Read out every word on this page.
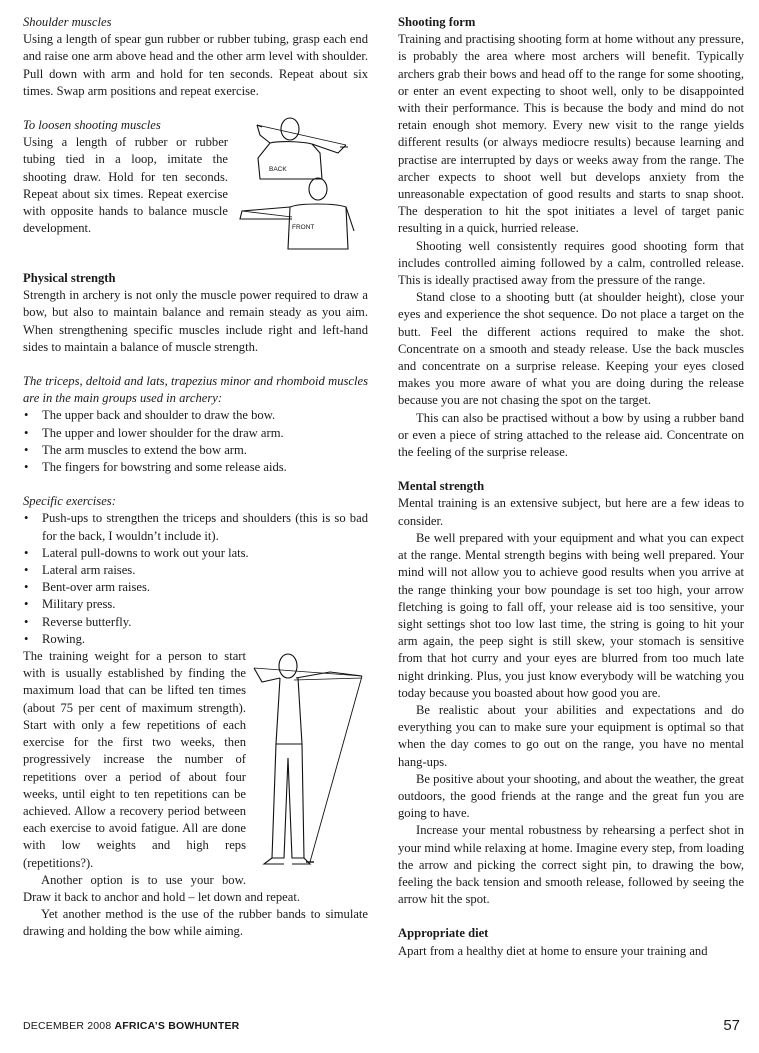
Shoulder muscles

Using a length of spear gun rubber or rubber tubing, grasp each end and raise one arm above head and the other arm level with shoulder. Pull down with arm and hold for ten seconds. Repeat about six times. Swap arm positions and repeat exercise.

BACK
FRONT

To loosen shooting muscles

Using a length of rubber or rubber tubing tied in a loop, imitate the shooting draw. Hold for ten seconds. Repeat about six times. Repeat exercise with opposite hands to balance muscle development.

Physical strength

Strength in archery is not only the muscle power required to draw a bow, but also to maintain balance and remain steady as you aim. When strengthening specific muscles include right and left-hand sides to maintain a balance of muscle strength.

The triceps, deltoid and lats, trapezius minor and rhomboid muscles are in the main groups used in archery:

• The upper back and shoulder to draw the bow.
• The upper and lower shoulder for the draw arm.
• The arm muscles to extend the bow arm.
• The fingers for bowstring and some release aids.

Specific exercises:

• Push-ups to strengthen the triceps and shoulders (this is so bad for the back, I wouldn’t include it).
• Lateral pull-downs to work out your lats.
• Lateral arm raises.
• Bent-over arm raises.
• Military press.
• Reverse butterfly.
• Rowing.

The training weight for a person to start with is usually established by finding the maximum load that can be lifted ten times (about 75 per cent of maximum strength). Start with only a few repetitions of each exercise for the first two weeks, then progressively increase the number of repetitions over a period of about four weeks, until eight to ten repetitions can be achieved. Allow a recovery period between each exercise to avoid fatigue. All are done with low weights and high reps (repetitions?).

Another option is to use your bow. Draw it back to anchor and hold – let down and repeat.

Yet another method is the use of the rubber bands to simulate drawing and holding the bow while aiming.

Shooting form

Training and practising shooting form at home without any pressure, is probably the area where most archers will benefit. Typically archers grab their bows and head off to the range for some shooting, or enter an event expecting to shoot well, only to be disappointed with their performance. This is because the body and mind do not retain enough shot memory. Every new visit to the range yields different results (or always mediocre results) because learning and practise are interrupted by days or weeks away from the range. The archer expects to shoot well but develops anxiety from the unreasonable expectation of good results and starts to snap shoot. The desperation to hit the spot initiates a level of target panic resulting in a quick, hurried release.

Shooting well consistently requires good shooting form that includes controlled aiming followed by a calm, controlled release. This is ideally practised away from the pressure of the range.

Stand close to a shooting butt (at shoulder height), close your eyes and experience the shot sequence. Do not place a target on the butt. Feel the different actions required to make the shot. Concentrate on a smooth and steady release. Use the back muscles and concentrate on a surprise release. Keeping your eyes closed makes you more aware of what you are doing during the release because you are not chasing the spot on the target.

This can also be practised without a bow by using a rubber band or even a piece of string attached to the release aid. Concentrate on the feeling of the surprise release.

Mental strength

Mental training is an extensive subject, but here are a few ideas to consider.

Be well prepared with your equipment and what you can expect at the range. Mental strength begins with being well prepared. Your mind will not allow you to achieve good results when you arrive at the range thinking your bow poundage is set too high, your arrow fletching is going to fall off, your release aid is too sensitive, your sight settings shot too low last time, the string is going to hit your arm again, the peep sight is still skew, your stomach is sensitive from that hot curry and your eyes are blurred from too much late night drinking. Plus, you just know everybody will be watching you today because you boasted about how good you are.

Be realistic about your abilities and expectations and do everything you can to make sure your equipment is optimal so that when the day comes to go out on the range, you have no mental hang-ups.

Be positive about your shooting, and about the weather, the great outdoors, the good friends at the range and the great fun you are going to have.

Increase your mental robustness by rehearsing a perfect shot in your mind while relaxing at home. Imagine every step, from loading the arrow and picking the correct sight pin, to drawing the bow, feeling the back tension and smooth release, followed by seeing the arrow hit the spot.

Appropriate diet

Apart from a healthy diet at home to ensure your training and

DECEMBER 2008 AFRICA’S BOWHUNTER	57
